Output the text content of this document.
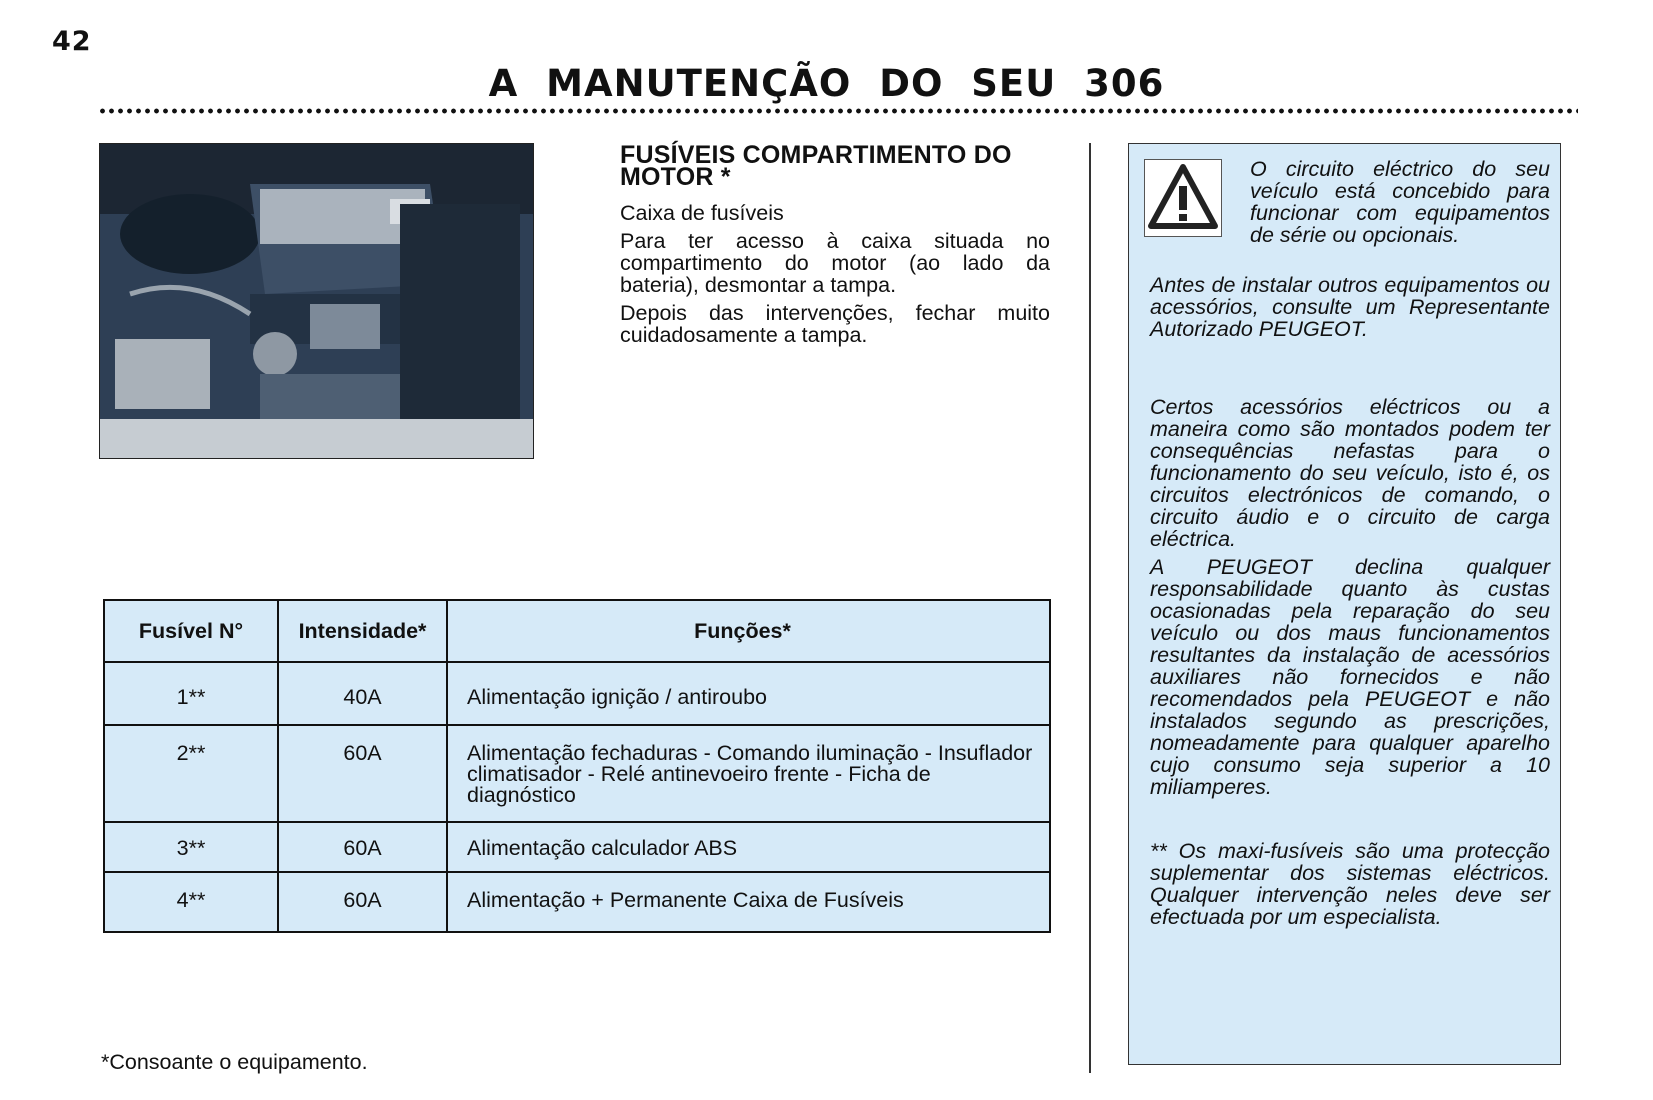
42
A MANUTENÇÃO DO SEU 306
FUSÍVEIS COMPARTIMENTO DO MOTOR *
Caixa de fusíveis
Para ter acesso à caixa situada no compartimento do motor (ao lado da bateria), desmontar a tampa.
Depois das intervenções, fechar muito cuidadosamente a tampa.

O circuito eléctrico do seu veículo está concebido para funcionar com equipamentos de série ou opcionais.

Antes de instalar outros equipamentos ou acessórios, consulte um Representante Autorizado PEUGEOT.

Certos acessórios eléctricos ou a maneira como são montados podem ter consequências nefastas para o funcionamento do seu veículo, isto é, os circuitos electrónicos de comando, o circuito áudio e o circuito de carga eléctrica.

A PEUGEOT declina qualquer responsabilidade quanto às custas ocasionadas pela reparação do seu veículo ou dos maus funcionamentos resultantes da instalação de acessórios auxiliares não fornecidos e não recomendados pela PEUGEOT e não instalados segundo as prescrições, nomeadamente para qualquer aparelho cujo consumo seja superior a 10 miliamperes.

** Os maxi-fusíveis são uma protecção suplementar dos sistemas eléctricos. Qualquer intervenção neles deve ser efectuada por um especialista.

Fusível N°	Intensidade*	Funções*
1**	40A	Alimentação ignição / antiroubo
2**	60A	Alimentação fechaduras - Comando iluminação - Insuflador climatisador - Relé antinevoeiro frente - Ficha de diagnóstico
3**	60A	Alimentação calculador ABS
4**	60A	Alimentação + Permanente Caixa de Fusíveis
*Consoante o equipamento.
